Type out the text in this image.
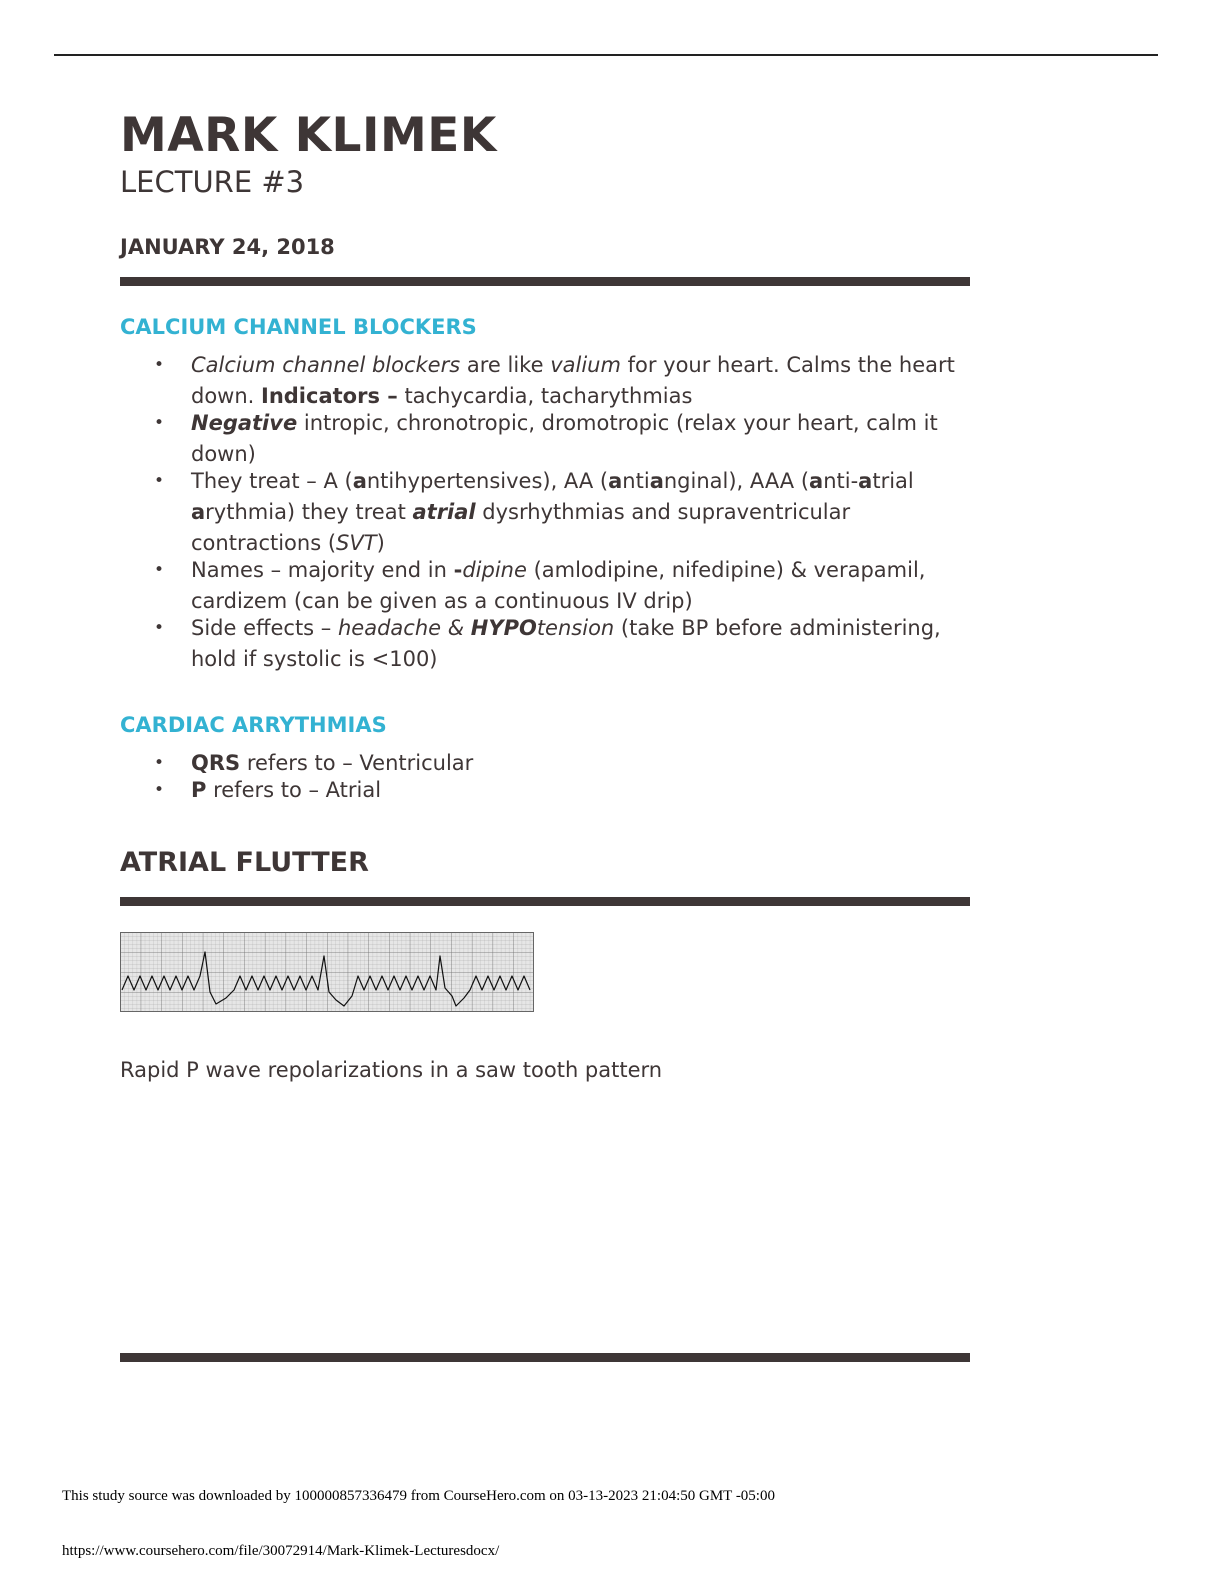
MARK KLIMEK
LECTURE #3
JANUARY 24, 2018
CALCIUM CHANNEL BLOCKERS
• Calcium channel blockers are like valium for your heart. Calms the heart down. Indicators – tachycardia, tacharythmias
• Negative intropic, chronotropic, dromotropic (relax your heart, calm it down)
• They treat – A (antihypertensives), AA (antianginal), AAA (anti-atrial arythmia) they treat atrial dysrhythmias and supraventricular contractions (SVT)
• Names – majority end in -dipine (amlodipine, nifedipine) & verapamil, cardizem (can be given as a continuous IV drip)
• Side effects – headache & HYPOtension (take BP before administering, hold if systolic is <100)
CARDIAC ARRYTHMIAS
• QRS refers to – Ventricular
• P refers to – Atrial
ATRIAL FLUTTER

Rapid P wave repolarizations in a saw tooth pattern

This study source was downloaded by 100000857336479 from CourseHero.com on 03-13-2023 21:04:50 GMT -05:00

https://www.coursehero.com/file/30072914/Mark-Klimek-Lecturesdocx/
